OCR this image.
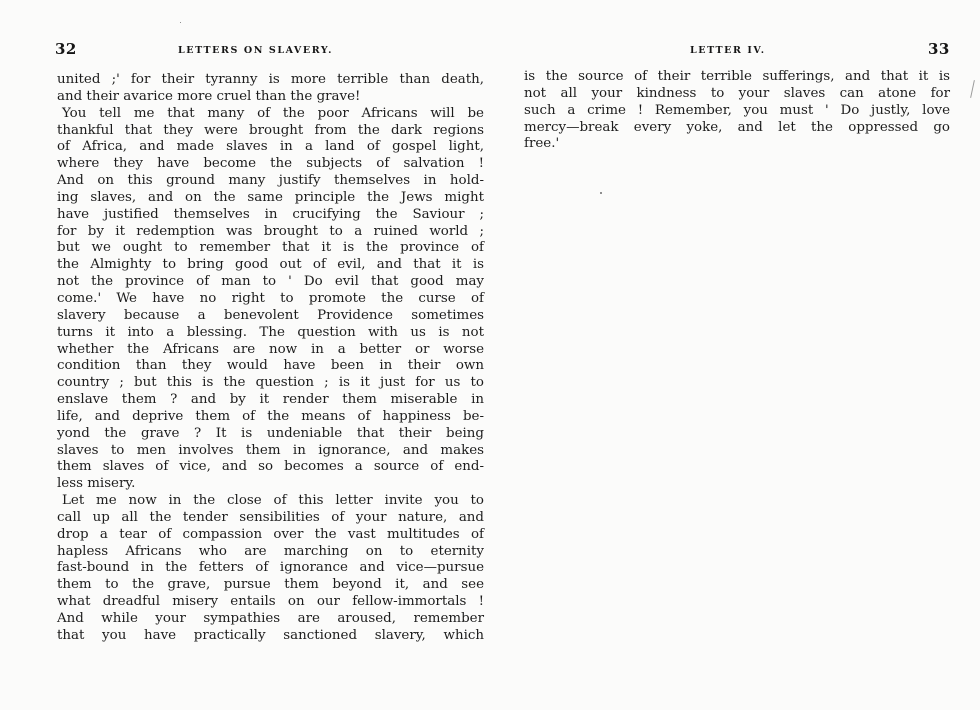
32	LETTERS ON SLAVERY.
united ;' for their tyranny is more terrible than death,
and their avarice more cruel than the grave!
You tell me that many of the poor Africans will be
thankful that they were brought from the dark regions
of Africa, and made slaves in a land of gospel light,
where they have become the subjects of salvation !
And on this ground many justify themselves in hold-
ing slaves, and on the same principle the Jews might
have justified themselves in crucifying the Saviour ;
for by it redemption was brought to a ruined world ;
but we ought to remember that it is the province of
the Almighty to bring good out of evil, and that it is
not the province of man to ' Do evil that good may
come.' We have no right to promote the curse of
slavery because a benevolent Providence sometimes
turns it into a blessing. The question with us is not
whether the Africans are now in a better or worse
condition than they would have been in their own
country ; but this is the question ; is it just for us to
enslave them ? and by it render them miserable in
life, and deprive them of the means of happiness be-
yond the grave ? It is undeniable that their being
slaves to men involves them in ignorance, and makes
them slaves of vice, and so becomes a source of end-
less misery.
Let me now in the close of this letter invite you to
call up all the tender sensibilities of your nature, and
drop a tear of compassion over the vast multitudes of
hapless Africans who are marching on to eternity
fast-bound in the fetters of ignorance and vice—pursue
them to the grave, pursue them beyond it, and see
what dreadful misery entails on our fellow-immortals !
And while your sympathies are aroused, remember
that you have practically sanctioned slavery, which
LETTER IV.	33
is the source of their terrible sufferings, and that it is
not all your kindness to your slaves can atone for
such a crime ! Remember, you must ' Do justly, love
mercy—break every yoke, and let the oppressed go
free.'
